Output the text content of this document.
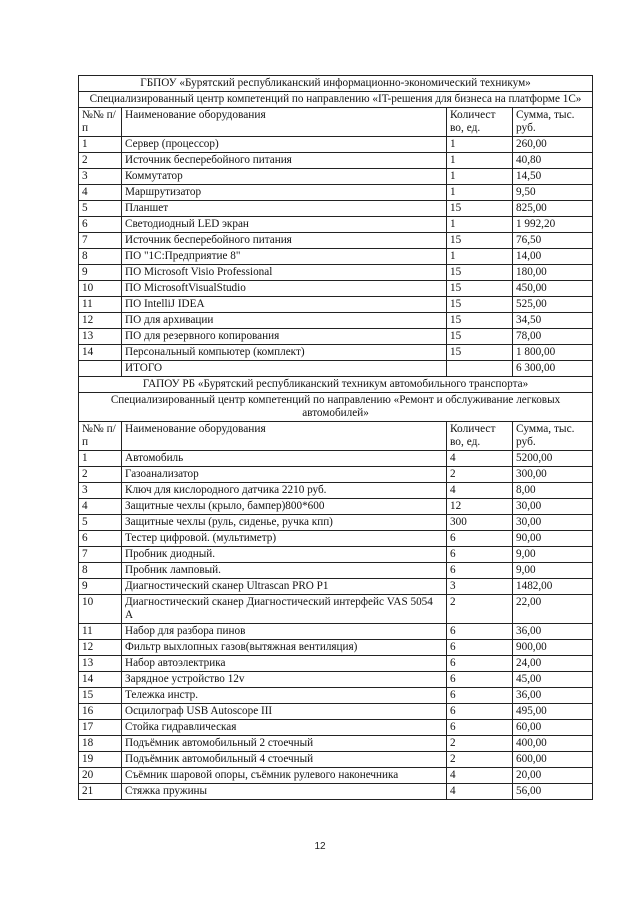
ГБПОУ «Бурятский республиканский информационно-экономический техникум»			
Специализированный центр компетенций по направлению «IT-решения для бизнеса на платформе 1С»			
№№ п/п	Наименование оборудования	Количест во, ед.	Сумма, тыс. руб.
1	Сервер (процессор)	1	260,00
2	Источник бесперебойного питания	1	40,80
3	Коммутатор	1	14,50
4	Маршрутизатор	1	9,50
5	Планшет	15	825,00
6	Светодиодный LED экран	1	1 992,20
7	Источник бесперебойного питания	15	76,50
8	ПО "1С:Предприятие 8"	1	14,00
9	ПО Microsoft Visio Professional	15	180,00
10	ПО MicrosoftVisualStudio	15	450,00
11	ПО IntelliJ IDEA	15	525,00
12	ПО для архивации	15	34,50
13	ПО для резервного копирования	15	78,00
14	Персональный компьютер (комплект)	15	1 800,00
	ИТОГО		6 300,00
ГАПОУ РБ «Бурятский республиканский техникум автомобильного транспорта»			
Специализированный центр компетенций по направлению «Ремонт и обслуживание легковых автомобилей»			
№№ п/п	Наименование оборудования	Количест во, ед.	Сумма, тыс. руб.
1	Автомобиль	4	5200,00
2	Газоанализатор	2	300,00
3	Ключ для кислородного датчика 2210 руб.	4	8,00
4	Защитные чехлы (крыло, бампер)800*600	12	30,00
5	Защитные чехлы (руль, сиденье, ручка кпп)	300	30,00
6	Тестер цифровой. (мультиметр)	6	90,00
7	Пробник диодный.	6	9,00
8	Пробник ламповый.	6	9,00
9	Диагностический сканер Ultrascan PRO P1	3	1482,00
10	Диагностический сканер Диагностический интерфейс VAS 5054 A	2	22,00
11	Набор для разбора пинов	6	36,00
12	Фильтр выхлопных газов(вытяжная вентиляция)	6	900,00
13	Набор автоэлектрика	6	24,00
14	Зарядное устройство 12v	6	45,00
15	Тележка инстр.	6	36,00
16	Осцилограф USB Autoscope III	6	495,00
17	Стойка гидравлическая	6	60,00
18	Подъёмник автомобильный 2 стоечный	2	400,00
19	Подъёмник автомобильный 4 стоечный	2	600,00
20	Съёмник шаровой опоры, съёмник рулевого наконечника	4	20,00
21	Стяжка пружины	4	56,00
12
